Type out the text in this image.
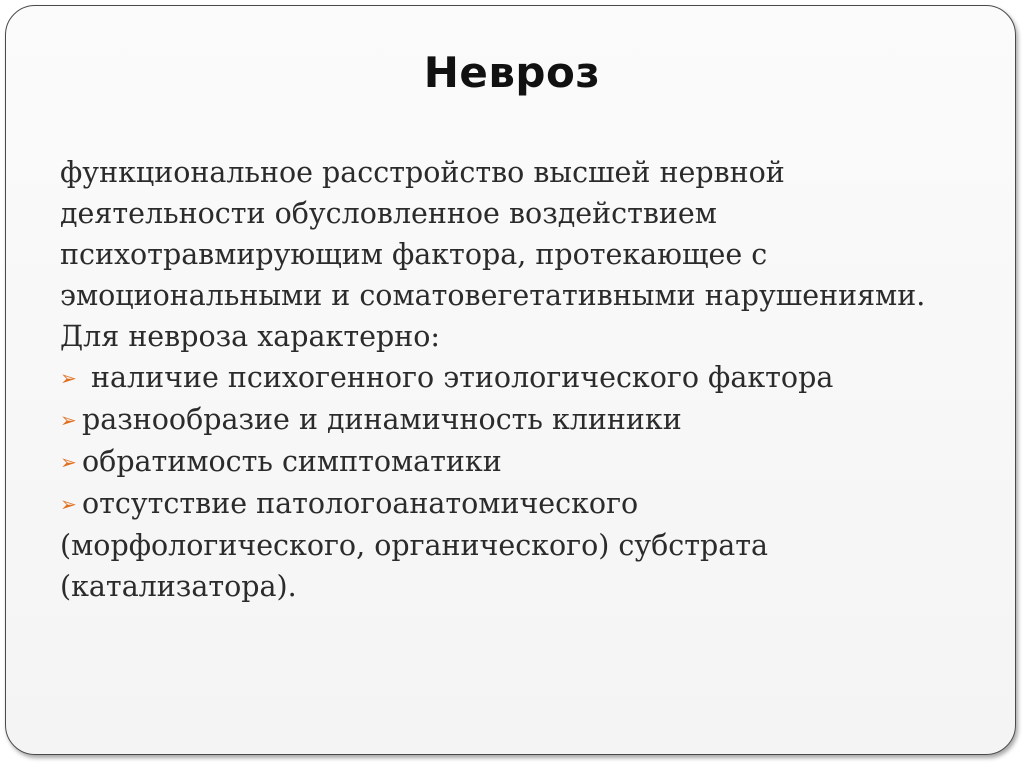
Невроз
функциональное расстройство высшей нервной
деятельности обусловленное воздействием
психотравмирующим фактора, протекающее с
эмоциональными и соматовегетативными нарушениями.
Для невроза характерно:
➢ наличие психогенного этиологического фактора
➢ разнообразие и динамичность клиники
➢ обратимость симптоматики
➢ отсутствие патологоанатомического
(морфологического, органического) субстрата
(катализатора).
